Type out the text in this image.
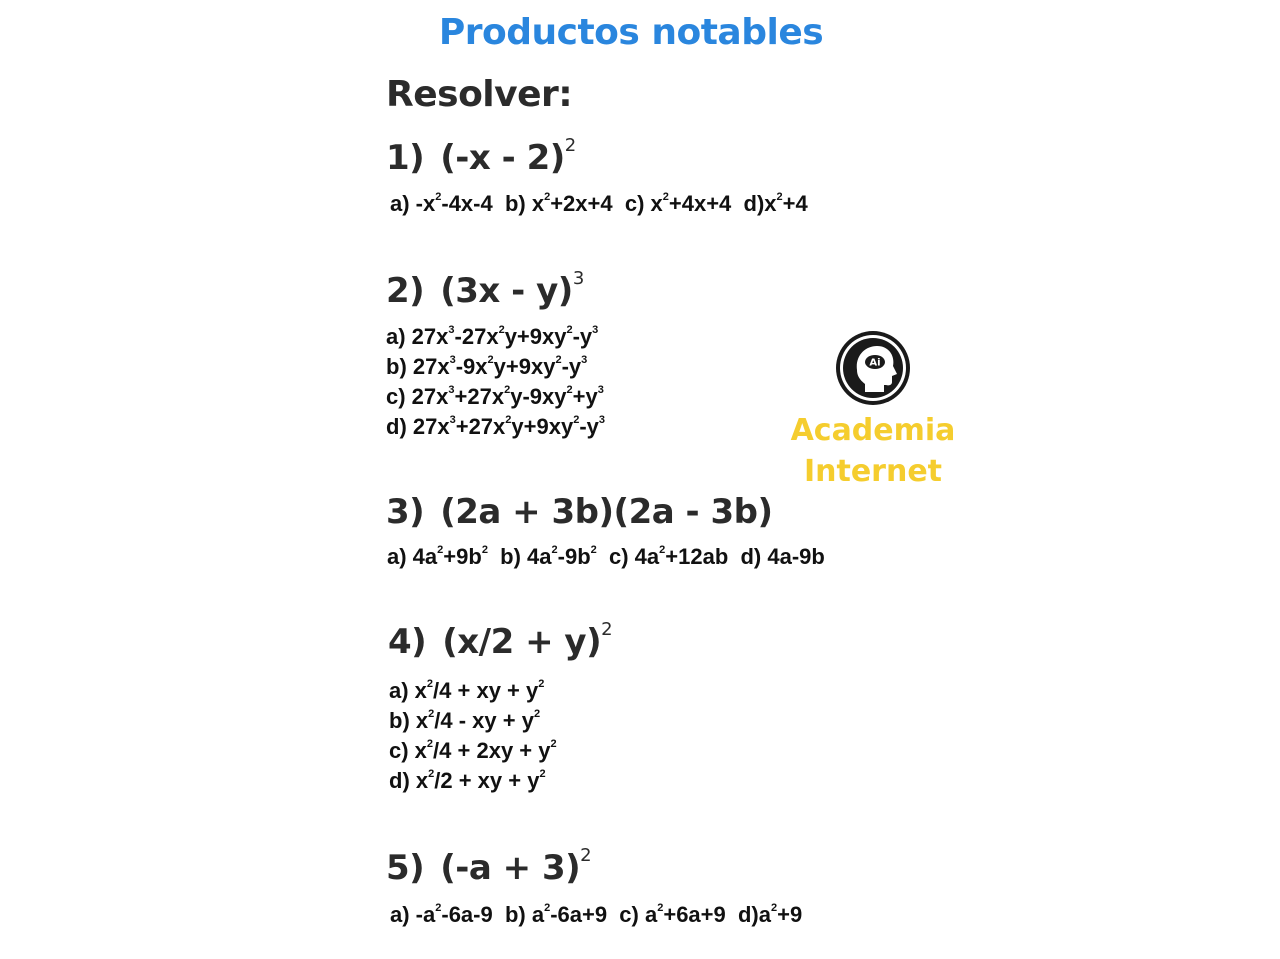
Productos notables
Resolver:
1) (-x - 2)$^2$
a) $-x^2-4x-4$  b) $x^2+2x+4$  c) $x^2+4x+4$  $d)x^2+4$
2) (3x - y)$^3$
a) $27x^3-27x^2y+9xy^2-y^3$
b) $27x^3-9x^2y+9xy^2-y^3$
c) $27x^3+27x^2y-9xy^2+y^3$
d) $27x^3+27x^2y+9xy^2-y^3$
3) (2a + 3b)(2a - 3b)
a) $4a^2+9b^2$  b) $4a^2-9b^2$  c) $4a^2+12ab$  d) 4a-9b
4) $(x/2 + y)^2$
a) $x^2/4$ + xy + $y^2$
b) $x^2/4$ - xy + $y^2$
c) $x^2/4 + 2xy + y^2$
d) $x^2/2$ + xy + $y^2$
5) $(-a + 3)^2$
a) $-a^2-6a-9$  b) $a^2-6a+9$  c) $a^2+6a+9$  $d)a^2+9$
Ai
Academia
Internet
